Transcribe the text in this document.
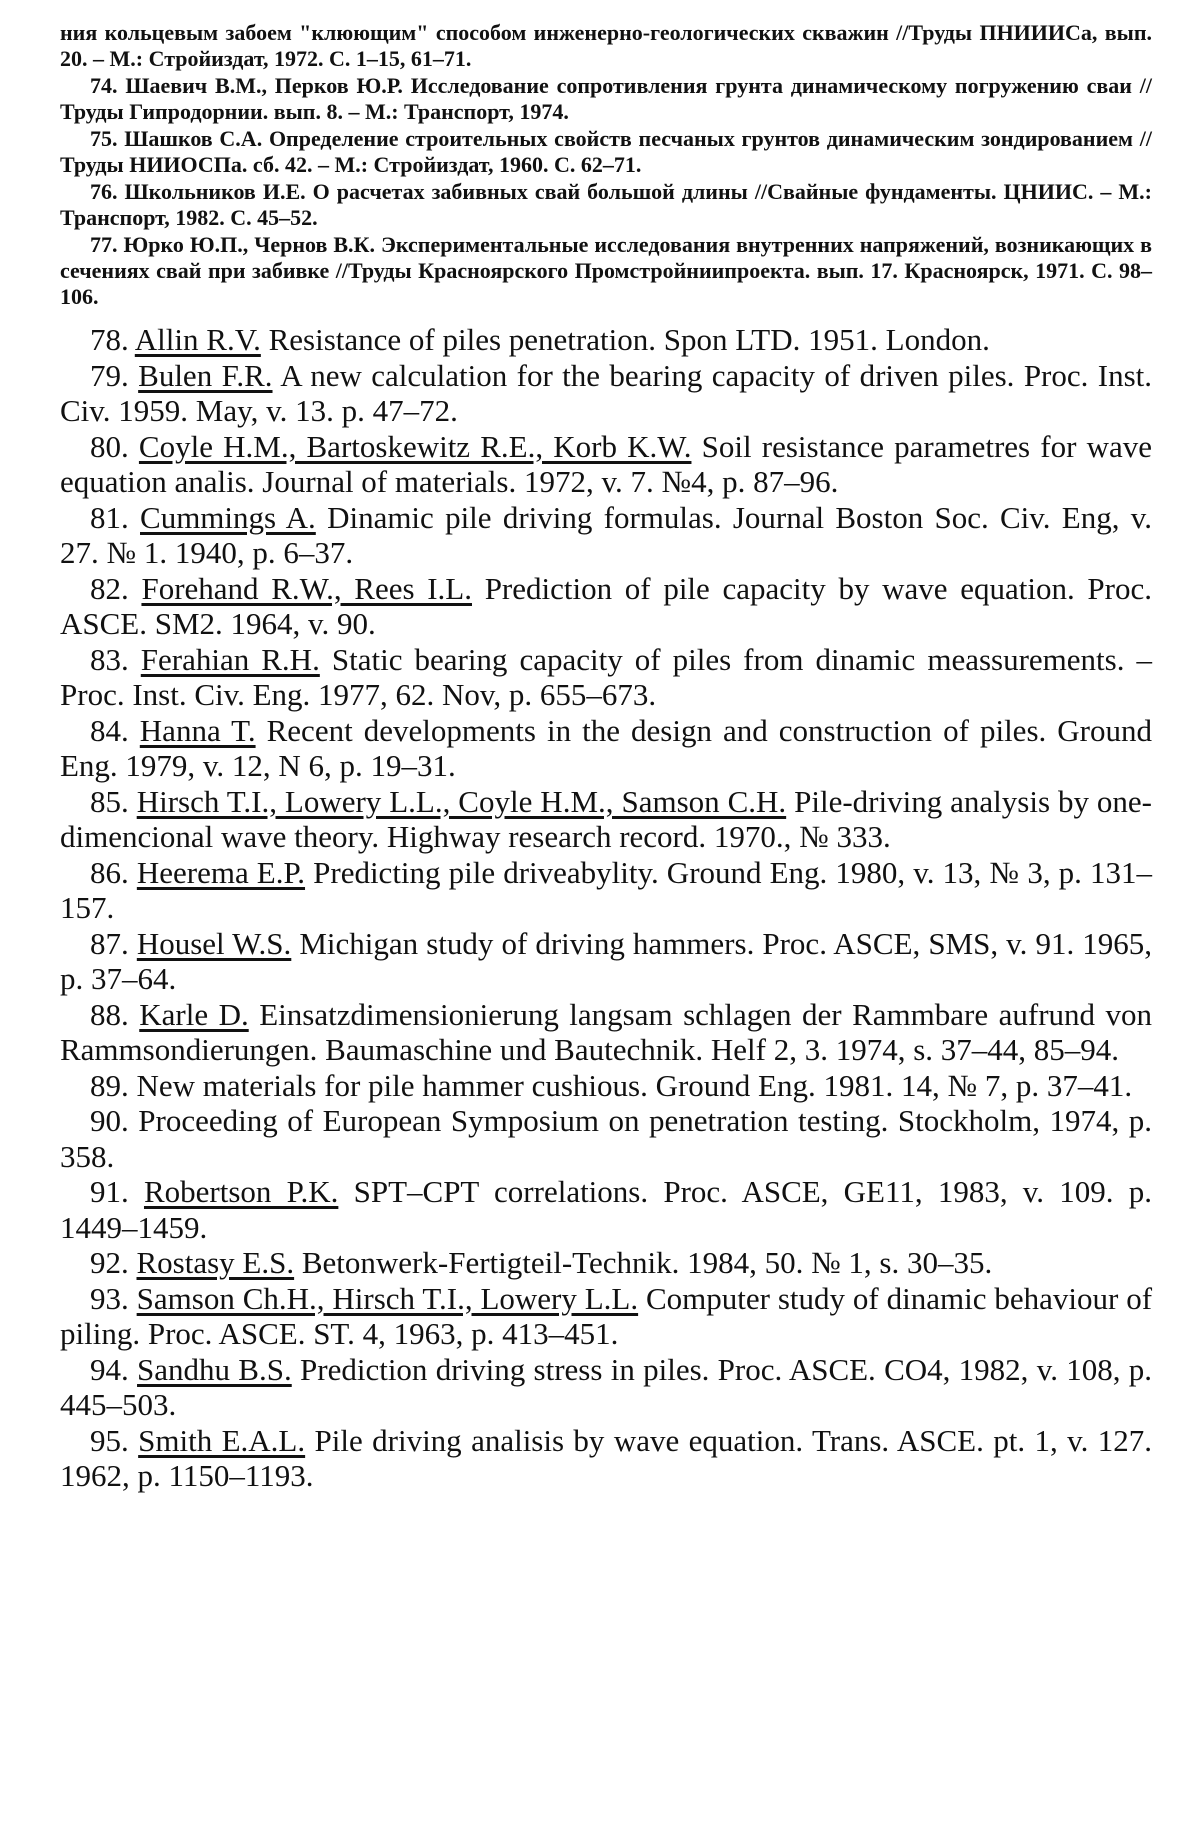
ния кольцевым забоем "клюющим" способом инженерно-геологических скважин //Труды ПНИИИСа, вып. 20. – М.: Стройиздат, 1972. С. 1–15, 61–71.

74. Шаевич В.М., Перков Ю.Р. Исследование сопротивления грунта динамическому погружению сваи //Труды Гипродорнии. вып. 8. – М.: Транспорт, 1974.

75. Шашков С.А. Определение строительных свойств песчаных грунтов динамическим зондированием //Труды НИИОСПа. сб. 42. – М.: Стройиздат, 1960. С. 62–71.

76. Школьников И.Е. О расчетах забивных свай большой длины //Свайные фундаменты. ЦНИИС. – М.: Транспорт, 1982. С. 45–52.

77. Юрко Ю.П., Чернов В.К. Экспериментальные исследования внутренних напряжений, возникающих в сечениях свай при забивке //Труды Красноярского Промстройниипроекта. вып. 17. Красноярск, 1971. С. 98–106.

78. Allin R.V. Resistance of piles penetration. Spon LTD. 1951. London.

79. Bulen F.R. A new calculation for the bearing capacity of driven piles. Proc. Inst. Civ. 1959. May, v. 13. p. 47–72.

80. Coyle H.M., Bartoskewitz R.E., Korb K.W. Soil resistance parametres for wave equation analis. Journal of materials. 1972, v. 7. №4, p. 87–96.

81. Cummings A. Dinamic pile driving formulas. Journal Boston Soc. Civ. Eng, v. 27. № 1. 1940, p. 6–37.

82. Forehand R.W., Rees I.L. Prediction of pile capacity by wave equation. Proc. ASCE. SM2. 1964, v. 90.

83. Ferahian R.H. Static bearing capacity of piles from dinamic meassurements. – Proc. Inst. Civ. Eng. 1977, 62. Nov, p. 655–673.

84. Hanna T. Recent developments in the design and construction of piles. Ground Eng. 1979, v. 12, N 6, p. 19–31.

85. Hirsch T.I., Lowery L.L., Coyle H.M., Samson C.H. Pile-driving analysis by one-dimencional wave theory. Highway research record. 1970., № 333.

86. Heerema E.P. Predicting pile driveabylity. Ground Eng. 1980, v. 13, № 3, p. 131–157.

87. Housel W.S. Michigan study of driving hammers. Proc. ASCE, SMS, v. 91. 1965, p. 37–64.

88. Karle D. Einsatzdimensionierung langsam schlagen der Rammbare aufrund von Rammsondierungen. Baumaschine und Bautechnik. Helf 2, 3. 1974, s. 37–44, 85–94.

89. New materials for pile hammer cushious. Ground Eng. 1981. 14, № 7, p. 37–41.

90. Proceeding of European Symposium on penetration testing. Stockholm, 1974, p. 358.

91. Robertson P.K. SPT–CPT correlations. Proc. ASCE, GE11, 1983, v. 109. p. 1449–1459.

92. Rostasy E.S. Betonwerk-Fertigteil-Technik. 1984, 50. № 1, s. 30–35.

93. Samson Ch.H., Hirsch T.I., Lowery L.L. Computer study of dinamic behaviour of piling. Proc. ASCE. ST. 4, 1963, p. 413–451.

94. Sandhu B.S. Prediction driving stress in piles. Proc. ASCE. CO4, 1982, v. 108, p. 445–503.

95. Smith E.A.L. Pile driving analisis by wave equation. Trans. ASCE. pt. 1, v. 127. 1962, p. 1150–1193.
